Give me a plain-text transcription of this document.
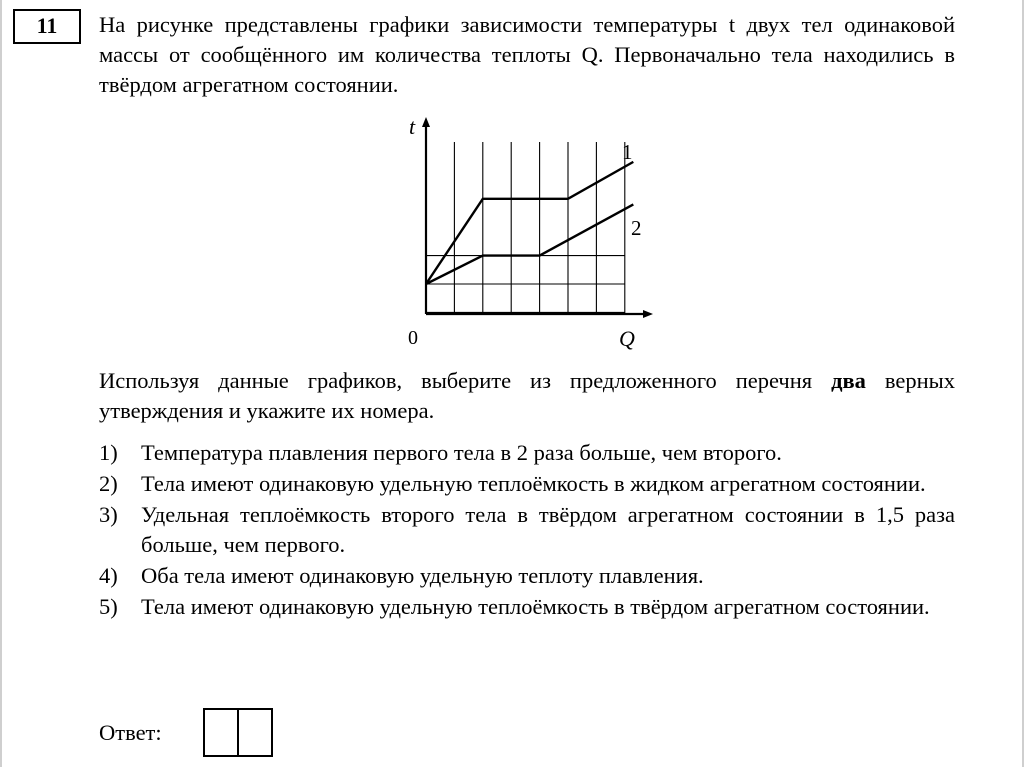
11	На рисунке представлены графики зависимости температуры t двух тел одинаковой массы от сообщённого им количества теплоты Q. Первоначально тела находились в твёрдом агрегатном состоянии.
t
Q
0
1
2
Используя данные графиков, выберите из предложенного перечня два верных утверждения и укажите их номера.
1) Температура плавления первого тела в 2 раза больше, чем второго.
2) Тела имеют одинаковую удельную теплоёмкость в жидком агрегатном состоянии.
3) Удельная теплоёмкость второго тела в твёрдом агрегатном состоянии в 1,5 раза больше, чем первого.
4) Оба тела имеют одинаковую удельную теплоту плавления.
5) Тела имеют одинаковую удельную теплоёмкость в твёрдом агрегатном состоянии.
Ответ:
